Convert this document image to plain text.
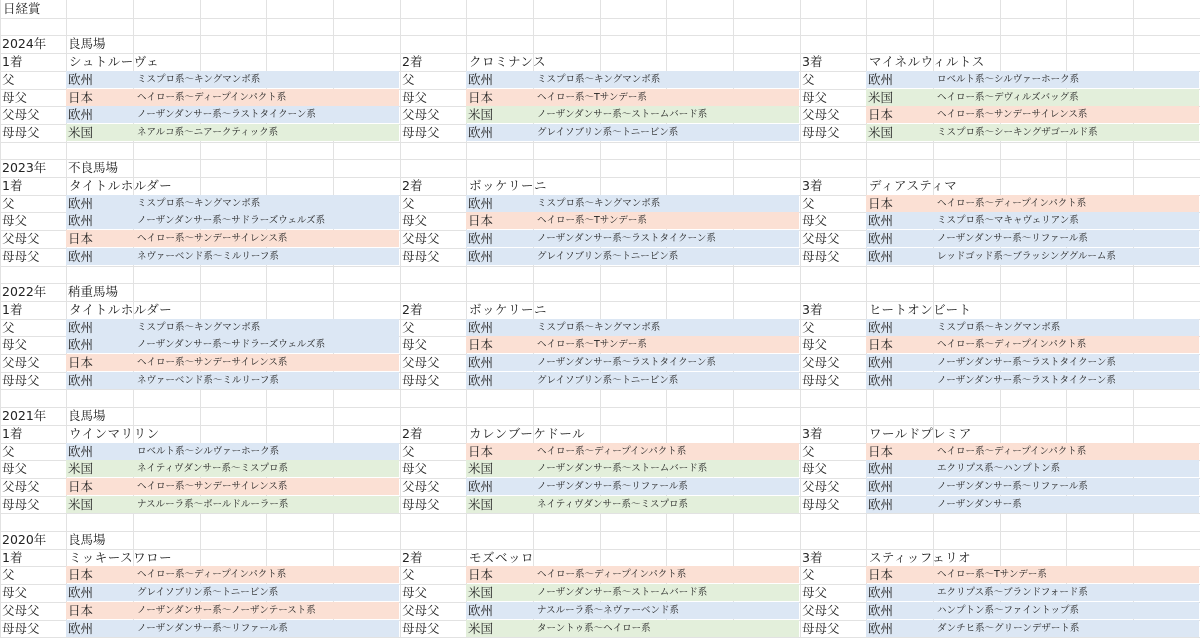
日経賞
2024年	良馬場
1着	シュトルーヴェ
父	欧州	ミスプロ系～キングマンボ系
母父	日本	ヘイロー系～ディープインパクト系
父母父	欧州	ノーザンダンサー系～ラストタイクーン系
母母父	米国	ネアルコ系～ニアークティック系
2着	クロミナンス
父	欧州	ミスプロ系～キングマンボ系
母父	日本	ヘイロー系～Tサンデー系
父母父	米国	ノーザンダンサー系～ストームバード系
母母父	欧州	グレイソブリン系～トニービン系
3着	マイネルウィルトス
父	欧州	ロベルト系～シルヴァーホーク系
母父	米国	ヘイロー系～デヴィルズバッグ系
父母父	日本	ヘイロー系～サンデーサイレンス系
母母父	米国	ミスプロ系～シーキングザゴールド系
2023年	不良馬場
1着	タイトルホルダー
父	欧州	ミスプロ系～キングマンボ系
母父	欧州	ノーザンダンサー系～サドラーズウェルズ系
父母父	日本	ヘイロー系～サンデーサイレンス系
母母父	欧州	ネヴァーベンド系～ミルリーフ系
2着	ボッケリーニ
父	欧州	ミスプロ系～キングマンボ系
母父	日本	ヘイロー系～Tサンデー系
父母父	欧州	ノーザンダンサー系～ラストタイクーン系
母母父	欧州	グレイソブリン系～トニービン系
3着	ディアスティマ
父	日本	ヘイロー系～ディープインパクト系
母父	欧州	ミスプロ系～マキャヴェリアン系
父母父	欧州	ノーザンダンサー系～リファール系
母母父	欧州	レッドゴッド系～ブラッシンググルーム系
2022年	稍重馬場
1着	タイトルホルダー
父	欧州	ミスプロ系～キングマンボ系
母父	欧州	ノーザンダンサー系～サドラーズウェルズ系
父母父	日本	ヘイロー系～サンデーサイレンス系
母母父	欧州	ネヴァーベンド系～ミルリーフ系
2着	ボッケリーニ
父	欧州	ミスプロ系～キングマンボ系
母父	日本	ヘイロー系～Tサンデー系
父母父	欧州	ノーザンダンサー系～ラストタイクーン系
母母父	欧州	グレイソブリン系～トニービン系
3着	ヒートオンビート
父	欧州	ミスプロ系～キングマンボ系
母父	日本	ヘイロー系～ディープインパクト系
父母父	欧州	ノーザンダンサー系～ラストタイクーン系
母母父	欧州	ノーザンダンサー系～ラストタイクーン系
2021年	良馬場
1着	ウインマリリン
父	欧州	ロベルト系～シルヴァーホーク系
母父	米国	ネイティヴダンサー系～ミスプロ系
父母父	日本	ヘイロー系～サンデーサイレンス系
母母父	米国	ナスルーラ系～ボールドルーラー系
2着	カレンブーケドール
父	日本	ヘイロー系～ディープインパクト系
母父	米国	ノーザンダンサー系～ストームバード系
父母父	欧州	ノーザンダンサー系～リファール系
母母父	米国	ネイティヴダンサー系～ミスプロ系
3着	ワールドプレミア
父	日本	ヘイロー系～ディープインパクト系
母父	欧州	エクリプス系～ハンプトン系
父母父	欧州	ノーザンダンサー系～リファール系
母母父	欧州	ノーザンダンサー系
2020年	良馬場
1着	ミッキースワロー
父	日本	ヘイロー系～ディープインパクト系
母父	欧州	グレイソブリン系～トニービン系
父母父	日本	ノーザンダンサー系～ノーザンテースト系
母母父	欧州	ノーザンダンサー系～リファール系
2着	モズベッロ
父	日本	ヘイロー系～ディープインパクト系
母父	米国	ノーザンダンサー系～ストームバード系
父母父	欧州	ナスルーラ系～ネヴァーベンド系
母母父	米国	ターントゥ系～ヘイロー系
3着	スティッフェリオ
父	日本	ヘイロー系～Tサンデー系
母父	欧州	エクリプス系～ブランドフォード系
父母父	欧州	ハンプトン系～ファイントップ系
母母父	欧州	ダンチヒ系～グリーンデザート系
